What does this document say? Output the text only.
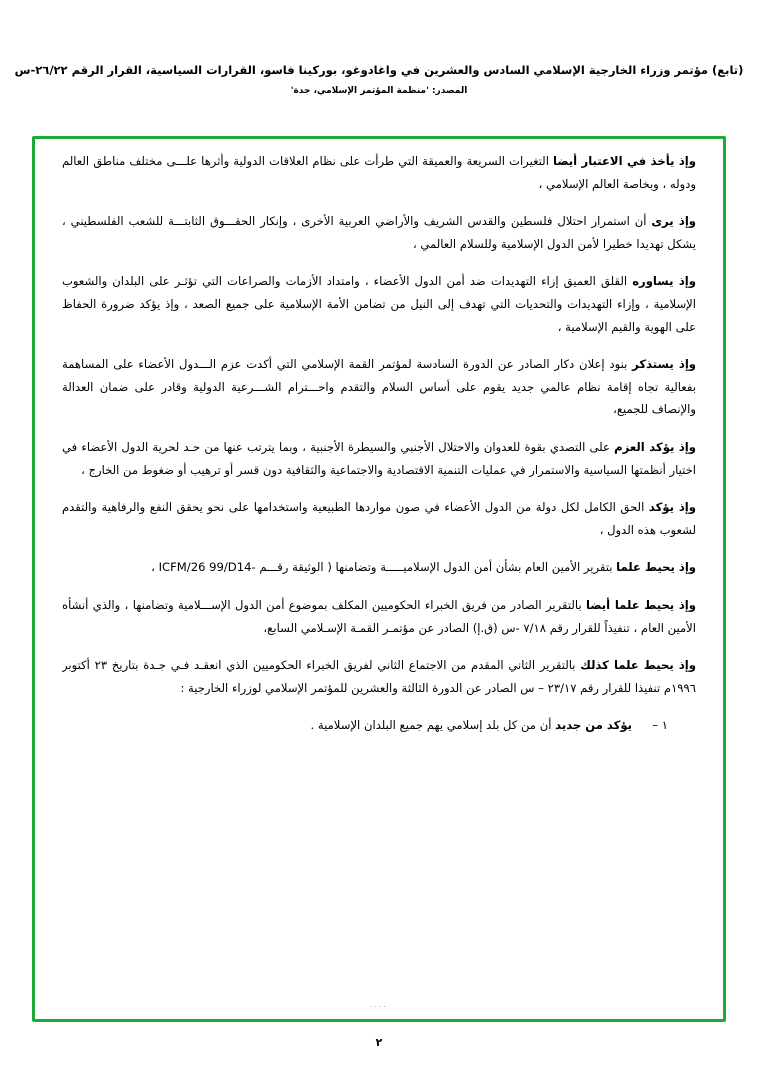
(تابع) مؤتمر وزراء الخارجية الإسلامي السادس والعشرين في واغادوغو، بوركينا فاسو، القرارات السياسية، القرار الرقم ٢٦/٢٢-س
المصدر: 'منظمة المؤتمر الإسلامي، جدة'

وإذ يأخذ في الاعتبار أيضا التغيرات السريعة والعميقة التي طرأت على نظام العلاقات الدولية وأثرها علـــى مختلف مناطق العالم ودوله ، وبخاصة العالم الإسلامي ،

وإذ يرى أن استمرار احتلال فلسطين والقدس الشريف والأراضي العربية الأخرى ، وإنكار الحقـــوق الثابتـــة للشعب الفلسطيني ، يشكل تهديدا خطيرا لأمن الدول الإسلامية وللسلام العالمي ،

وإذ يساوره القلق العميق إزاء التهديدات ضد أمن الدول الأعضاء ، وامتداد الأزمات والصراعات التي تؤثـر على البلدان والشعوب الإسلامية ، وإزاء التهديدات والتحديات التي تهدف إلى النيل من تضامن الأمة الإسلامية على جميع الصعد ، وإذ يؤكد ضرورة الحفاظ على الهوية والقيم الإسلامية ،

وإذ يستذكر بنود إعلان دكار الصادر عن الدورة السادسة لمؤتمر القمة الإسلامي التي أكدت عزم الـــدول الأعضاء على المساهمة بفعالية تجاه إقامة نظام عالمي جديد يقوم على أساس السلام والتقدم واحـــترام الشـــرعية الدولية وقادر على ضمان العدالة والإنصاف للجميع،

وإذ يؤكد العزم على التصدي بقوة للعدوان والاحتلال الأجنبي والسيطرة الأجنبية ، وبما يترتب عنها من حـد لحرية الدول الأعضاء في اختيار أنظمتها السياسية والاستمرار في عمليات التنمية الاقتصادية والاجتماعية والثقافية دون قسر أو ترهيب أو ضغوط من الخارج ،

وإذ يؤكد الحق الكامل لكل دولة من الدول الأعضاء في صون مواردها الطبيعية واستخدامها على نحو يحقق النفع والرفاهية والتقدم لشعوب هذه الدول ،

وإذ يحيط علما بتقرير الأمين العام بشأن أمن الدول الإسلاميـــــة وتضامنها ( الوثيقة رقـــم -ICFM/26 99/D14 ،

وإذ يحيط علما أيضا بالتقرير الصادر من فريق الخبراء الحكوميين المكلف بموضوع أمن الدول الإســـلامية وتضامنها ، والذي أنشأه الأمين العام ، تنفيذاً للقرار رقم ٧/١٨ -س (ق.إ) الصادر عن مؤتمـر القمـة الإسـلامي السابع،

وإذ يحيط علما كذلك بالتقرير الثاني المقدم من الاجتماع الثاني لفريق الخبراء الحكوميين الذي انعقـد فـي جـدة بتاريخ ٢٣ أكتوبر ١٩٩٦م تنفيذا للقرار رقم ٢٣/١٧ – س الصادر عن الدورة الثالثة والعشرين للمؤتمر الإسلامي لوزراء الخارجية :

١ –
يؤكد من جديد أن من كل بلد إسلامي يهم جميع البلدان الإسلامية .
....
٢
